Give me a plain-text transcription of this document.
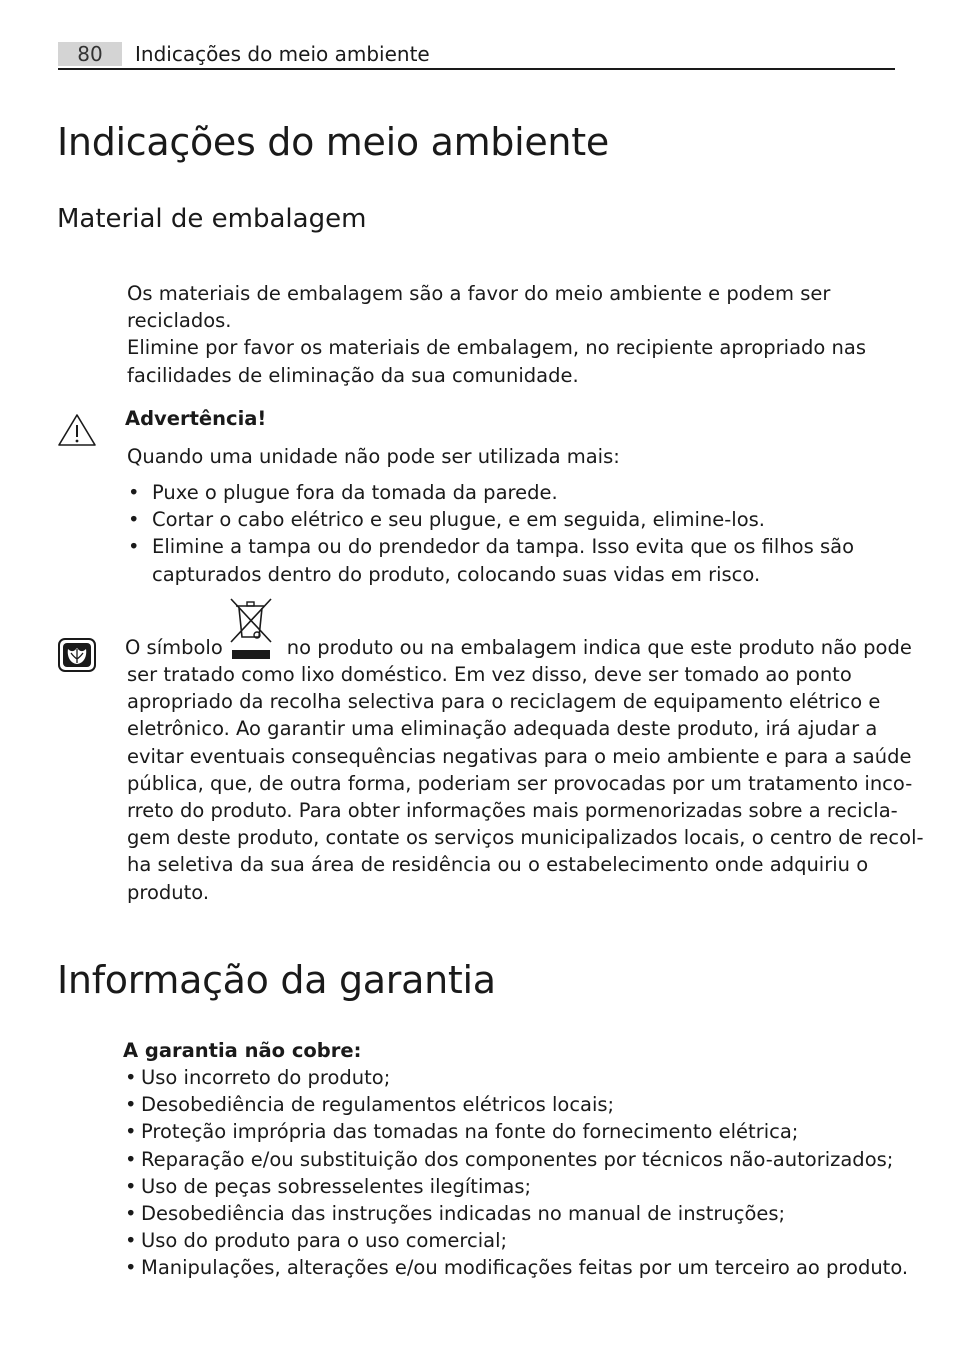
80	Indicações do meio ambiente
Indicações do meio ambiente
Material de embalagem
Os materiais de embalagem são a favor do meio ambiente e podem ser reciclados.
Elimine por favor os materiais de embalagem, no recipiente apropriado nas
facilidades de eliminação da sua comunidade.
Advertência!
Quando uma unidade não pode ser utilizada mais:
• Puxe o plugue fora da tomada da parede.
• Cortar o cabo elétrico e seu plugue, e em seguida, elimine-los.
• Elimine a tampa ou do prendedor da tampa. Isso evita que os filhos são
capturados dentro do produto, colocando suas vidas em risco.
O símbolo	no produto ou na embalagem indica que este produto não pode
ser tratado como lixo doméstico. Em vez disso, deve ser tomado ao ponto
apropriado da recolha selectiva para o reciclagem de equipamento elétrico e
eletrônico. Ao garantir uma eliminação adequada deste produto, irá ajudar a
evitar eventuais consequências negativas para o meio ambiente e para a saúde
pública, que, de outra forma, poderiam ser provocadas por um tratamento inco-
rreto do produto. Para obter informações mais pormenorizadas sobre a recicla-
gem deste produto, contate os serviços municipalizados locais, o centro de recol-
ha seletiva da sua área de residência ou o estabelecimento onde adquiriu o
produto.
Informação da garantia
A garantia não cobre:
• Uso incorreto do produto;
• Desobediência de regulamentos elétricos locais;
• Proteção imprópria das tomadas na fonte do fornecimento elétrica;
• Reparação e/ou substituição dos componentes por técnicos não-autorizados;
• Uso de peças sobresselentes ilegítimas;
• Desobediência das instruções indicadas no manual de instruções;
• Uso do produto para o uso comercial;
• Manipulações, alterações e/ou modificações feitas por um terceiro ao produto.
